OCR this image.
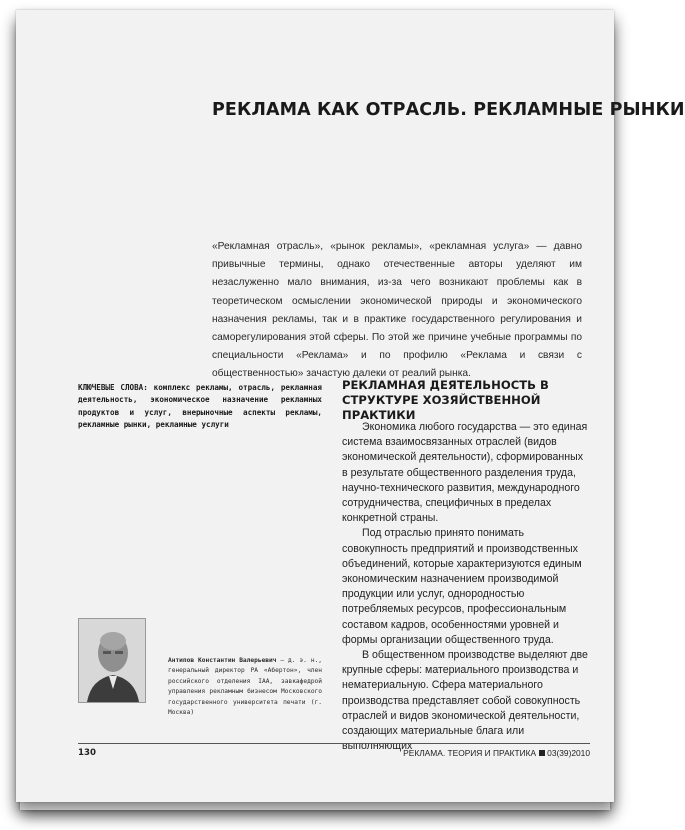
РЕКЛАМА КАК ОТРАСЛЬ. РЕКЛАМНЫЕ РЫНКИ
«Рекламная отрасль», «рынок рекламы», «рекламная услуга» — давно привычные термины, однако отечественные авторы уделяют им незаслуженно мало внимания, из-за чего возникают проблемы как в теоретическом осмыслении экономической природы и экономического назначения рекламы, так и в практике государственного регулирования и саморегулирования этой сферы. По этой же причине учебные программы по специальности «Реклама» и по профилю «Реклама и связи с общественностью» зачастую далеки от реалий рынка.
КЛЮЧЕВЫЕ СЛОВА: комплекс рекламы, отрасль, рекламная деятельность, экономическое назначение рекламных продуктов и услуг, внерыночные аспекты рекламы, рекламные рынки, рекламные услуги
РЕКЛАМНАЯ ДЕЯТЕЛЬНОСТЬ В СТРУКТУРЕ ХОЗЯЙСТВЕННОЙ ПРАКТИКИ

Экономика любого государства — это единая система взаимосвязанных отраслей (видов экономической деятельности), сформированных в результате общественного разделения труда, научно-технического развития, международного сотрудничества, специфичных в пределах конкретной страны.

Под отраслью принято понимать совокупность предприятий и производственных объединений, которые характеризуются единым экономическим назначением производимой продукции или услуг, однородностью потребляемых ресурсов, профессиональным составом кадров, особенностями уровней и формы организации общественного труда.

В общественном производстве выделяют две крупные сферы: материального производства и нематериальную. Сфера материального производства представляет собой совокупность отраслей и видов экономической деятельности, создающих материальные блага или выполняющих

Антипов Константин Валерьевич — д. э. н., генеральный директор РА «Абертон», член российского отделения IAA, завкафедрой управления рекламным бизнесом Московского государственного университета печати (г. Москва)
130	РЕКЛАМА. ТЕОРИЯ И ПРАКТИКА 03(39)2010
